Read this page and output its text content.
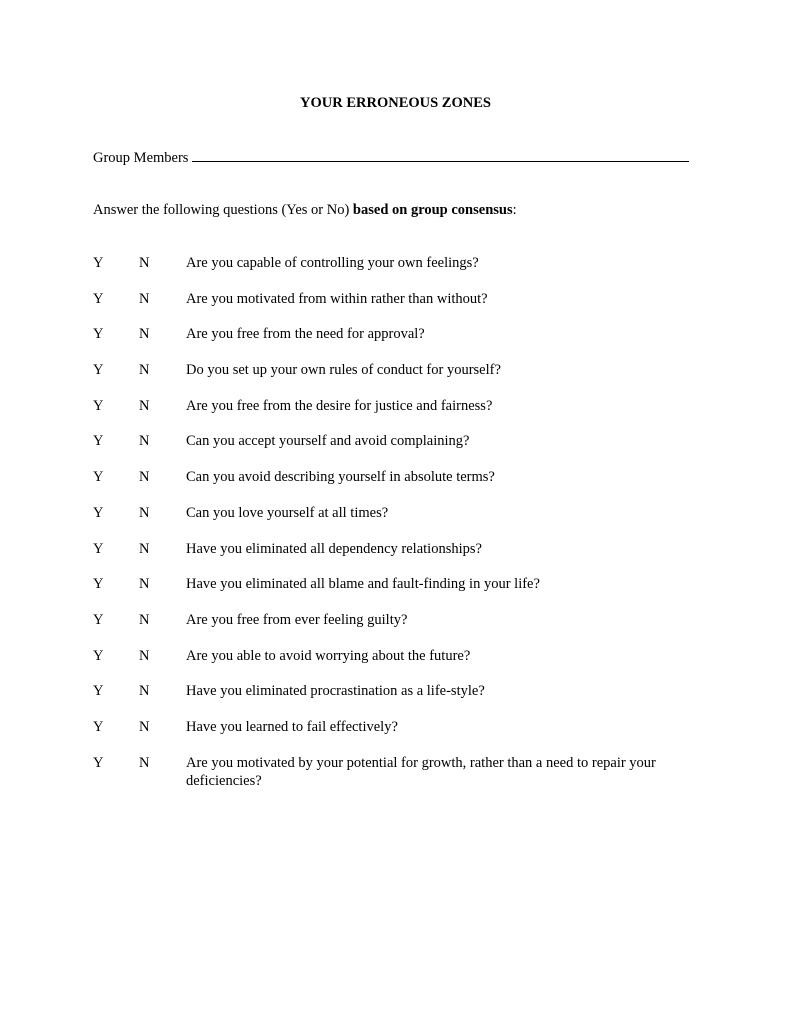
YOUR ERRONEOUS ZONES
Group Members
Answer the following questions (Yes or No) based on group consensus:
Y N	Are you capable of controlling your own feelings?
Y N	Are you motivated from within rather than without?
Y N	Are you free from the need for approval?
Y N	Do you set up your own rules of conduct for yourself?
Y N	Are you free from the desire for justice and fairness?
Y N	Can you accept yourself and avoid complaining?
Y N	Can you avoid describing yourself in absolute terms?
Y N	Can you love yourself at all times?
Y N	Have you eliminated all dependency relationships?
Y N	Have you eliminated all blame and fault-finding in your life?
Y N	Are you free from ever feeling guilty?
Y N	Are you able to avoid worrying about the future?
Y N	Have you eliminated procrastination as a life-style?
Y N	Have you learned to fail effectively?
Y N	Are you motivated by your potential for growth, rather than a need to repair your deficiencies?
